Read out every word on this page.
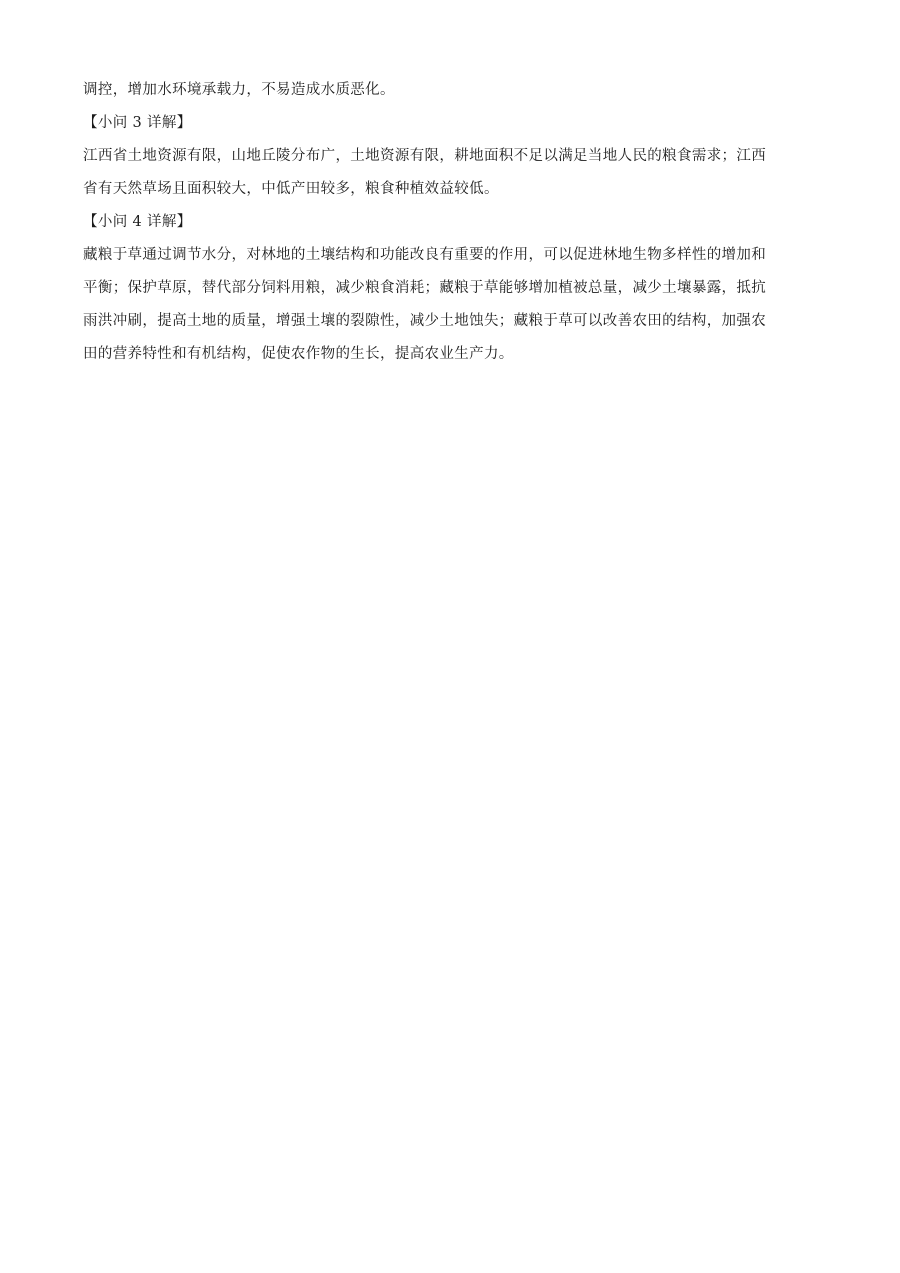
调控，增加水环境承载力，不易造成水质恶化。
【小问 3 详解】
江西省土地资源有限，山地丘陵分布广，土地资源有限，耕地面积不足以满足当地人民的粮食需求；江西
省有天然草场且面积较大，中低产田较多，粮食种植效益较低。
【小问 4 详解】
藏粮于草通过调节水分，对林地的土壤结构和功能改良有重要的作用，可以促进林地生物多样性的增加和
平衡；保护草原，替代部分饲料用粮，减少粮食消耗；藏粮于草能够增加植被总量，减少土壤暴露，抵抗
雨洪冲刷，提高土地的质量，增强土壤的裂隙性，减少土地蚀失；藏粮于草可以改善农田的结构，加强农
田的营养特性和有机结构，促使农作物的生长，提高农业生产力。
